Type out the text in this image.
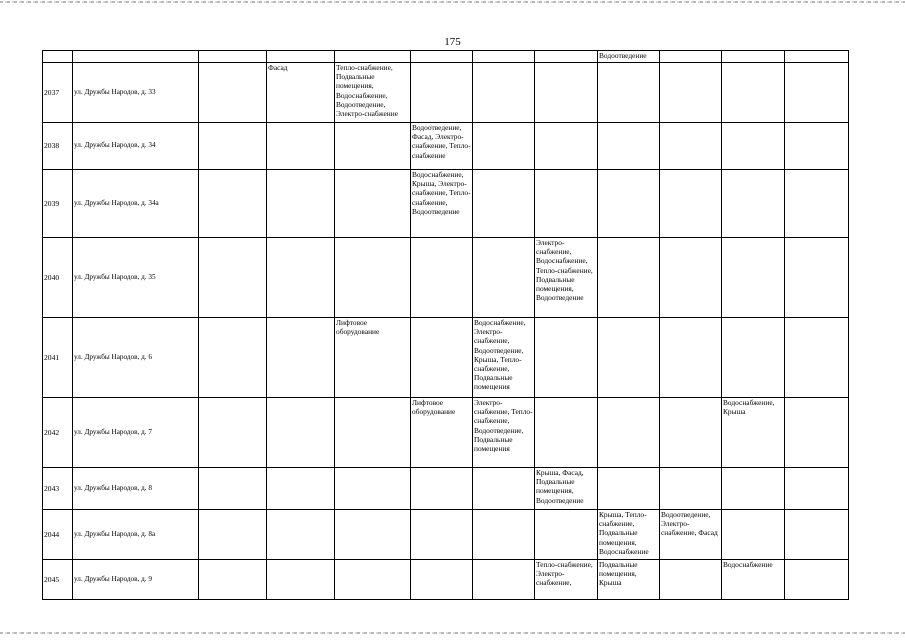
175
								Водоотведение			
2037	ул. Дружбы Народов, д. 33		Фасад	Тепло-снабжение, Подвальные помещения, Водоснабжение, Водоотведение, Электро-снабжение							
2038	ул. Дружбы Народов, д. 34				Водоотведение, Фасад, Электро-снабжение, Тепло-снабжение						
2039	ул. Дружбы Народов, д. 34а				Водоснабжение, Крыша, Электро-снабжение, Тепло-снабжение, Водоотведение						
2040	ул. Дружбы Народов, д. 35						Электро-снабжение, Водоснабжение, Тепло-снабжение, Подвальные помещения, Водоотведение				
2041	ул. Дружбы Народов, д. 6			Лифтовое оборудование		Водоснабжение, Электро-снабжение, Водоотведение, Крыша, Тепло-снабжение, Подвальные помещения					
2042	ул. Дружбы Народов, д. 7				Лифтовое оборудование	Электро-снабжение, Тепло-снабжение, Водоотведение, Подвальные помещения				Водоснабжение, Крыша	
2043	ул. Дружбы Народов, д. 8						Крыша, Фасад, Подвальные помещения, Водоотведение				
2044	ул. Дружбы Народов, д. 8а							Крыша, Тепло-снабжение, Подвальные помещения, Водоснабжение	Водоотведение, Электро-снабжение, Фасад		
2045	ул. Дружбы Народов, д. 9						Тепло-снабжение, Электро-снабжение,	Подвальные помещения, Крыша		Водоснабжение	
